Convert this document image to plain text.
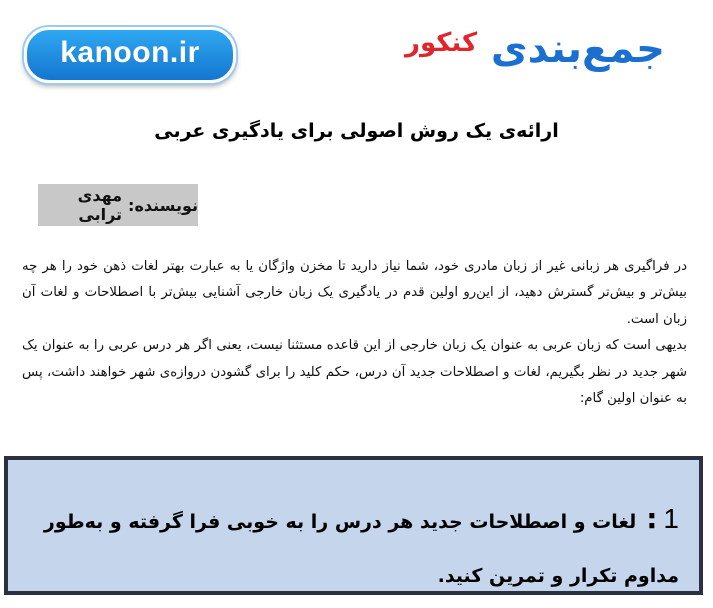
kanoon.ir	جمع‌بندی
کنکور
ارائه‌ی یک روش اصولی برای یادگیری عربی
نویسنده:
مهدی ترابی

در فراگیری هر زبانی غیر از زبان مادری خود، شما نیاز دارید تا مخزن واژگان یا به عبارت بهتر لغات ذهن خود را هر چه بیش‌تر و بیش‌تر گسترش دهید، از این‌رو اولین قدم در یادگیری یک زبان خارجی آشنایی بیش‌تر با اصطلاحات و لغات آن زبان است.

بدیهی است که زبان عربی به عنوان یک زبان خارجی از این قاعده مستثنا نیست، یعنی اگر هر درس عربی را به عنوان یک شهر جدید در نظر بگیریم، لغات و اصطلاحات جدید آن درس، حکم کلید را برای گشودن دروازه‌ی شهر خواهند داشت، پس به عنوان اولین گام:

1:لغات و اصطلاحات جدید هر درس را به خوبی فرا گرفته و به‌طور مداوم تکرار و تمرین کنید.
